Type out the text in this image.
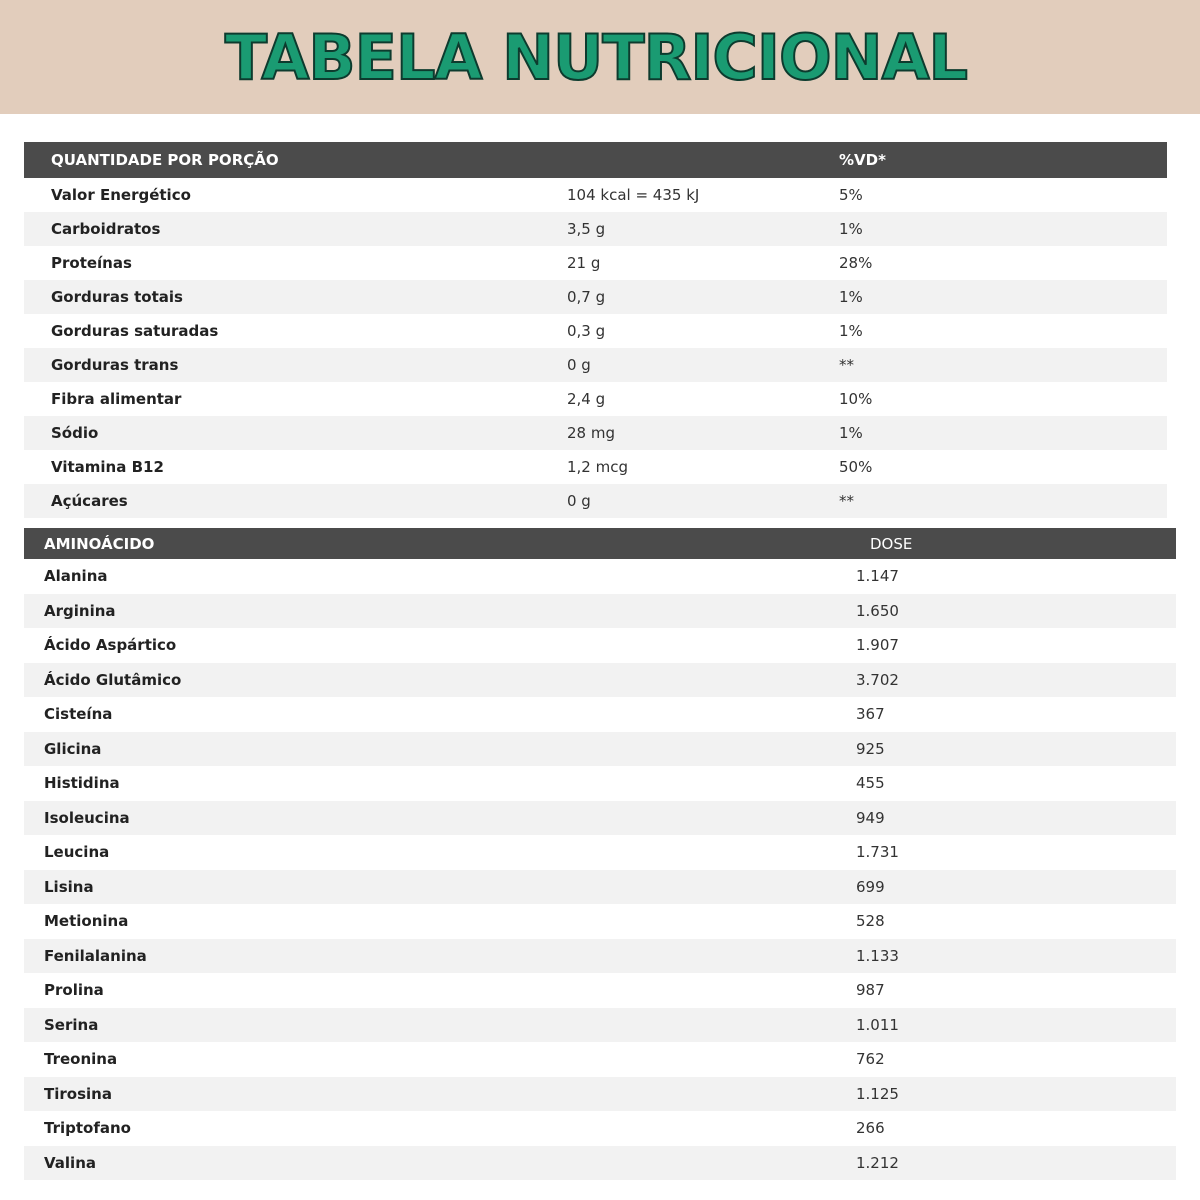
TABELA NUTRICIONAL
QUANTIDADE POR PORÇÃO		%VD*
Valor Energético	104 kcal = 435 kJ	5%
Carboidratos	3,5 g	1%
Proteínas	21 g	28%
Gorduras totais	0,7 g	1%
Gorduras saturadas	0,3 g	1%
Gorduras trans	0 g	**
Fibra alimentar	2,4 g	10%
Sódio	28 mg	1%
Vitamina B12	1,2 mcg	50%
Açúcares	0 g	**
AMINOÁCIDO	DOSE
Alanina	1.147
Arginina	1.650
Ácido Aspártico	1.907
Ácido Glutâmico	3.702
Cisteína	367
Glicina	925
Histidina	455
Isoleucina	949
Leucina	1.731
Lisina	699
Metionina	528
Fenilalanina	1.133
Prolina	987
Serina	1.011
Treonina	762
Tirosina	1.125
Triptofano	266
Valina	1.212
